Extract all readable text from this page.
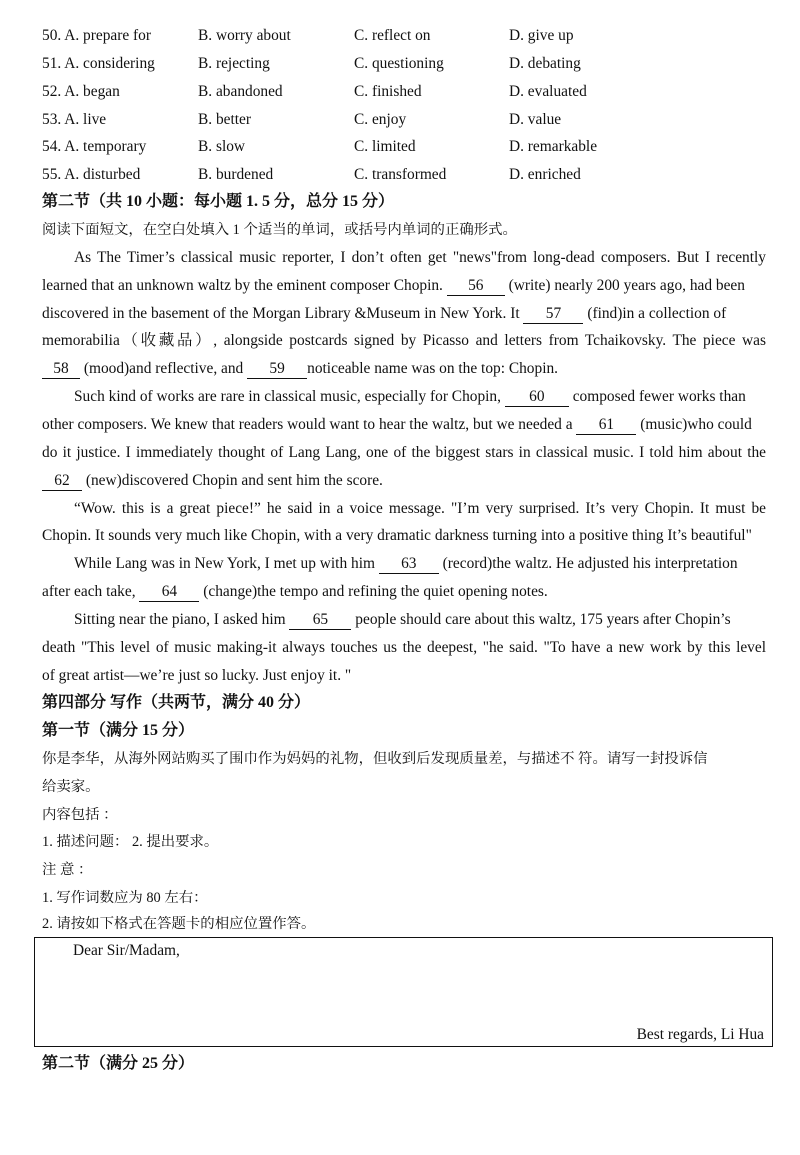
50. A. prepare for	B. worry about	C. reflect on	D. give up
51. A. considering	B. rejecting	C. questioning	D. debating
52. A. began	B. abandoned	C. finished	D. evaluated
53. A. live	B. better	C. enjoy	D. value
54. A. temporary	B. slow	C. limited	D. remarkable
55. A. disturbed	B. burdened	C. transformed	D. enriched
第二节（共 10 小题：每小题 1. 5 分，总分 15 分）
阅读下面短文，在空白处填入 1 个适当的单词，或括号内单词的正确形式。
As The Timer’s classical music reporter, I don’t often get "news"from long-dead composers. But I recently
learned that an unknown waltz by the eminent composer Chopin. 56 (write) nearly 200 years ago, had been
discovered in the basement of the Morgan Library &Museum in New York. It 57 (find)in a collection of
memorabilia（收藏品）, alongside postcards signed by Picasso and letters from Tchaikovsky. The piece was
58 (mood)and reflective, and 59 noticeable name was on the top: Chopin.
Such kind of works are rare in classical music, especially for Chopin, 60 composed fewer works than
other composers. We knew that readers would want to hear the waltz, but we needed a 61 (music)who could
do it justice. I immediately thought of Lang Lang, one of the biggest stars in classical music. I told him about the
62 (new)discovered Chopin and sent him the score.
“Wow. this is a great piece!” he said in a voice message. "I’m very surprised. It’s very Chopin. It must be
Chopin. It sounds very much like Chopin, with a very dramatic darkness turning into a positive thing It’s beautiful"
While Lang was in New York, I met up with him 63 (record)the waltz. He adjusted his interpretation
after each take, 64 (change)the tempo and refining the quiet opening notes.
Sitting near the piano, I asked him 65 people should care about this waltz, 175 years after Chopin’s
death "This level of music making-it always touches us the deepest, "he said. "To have a new work by this level
of great artist—we’re just so lucky. Just enjoy it. "
第四部分 写作（共两节，满分 40 分）
第一节（满分 15 分）
你是李华，从海外网站购买了围巾作为妈妈的礼物，但收到后发现质量差，与描述不 符。请写一封投诉信
给卖家。
内容包括 ：
1. 描述问题： 2. 提出要求。
注 意 ：
1. 写作词数应为 80 左右：
2. 请按如下格式在答题卡的相应位置作答。
Dear Sir/Madam,
Best regards, Li Hua
第二节（满分 25 分）
